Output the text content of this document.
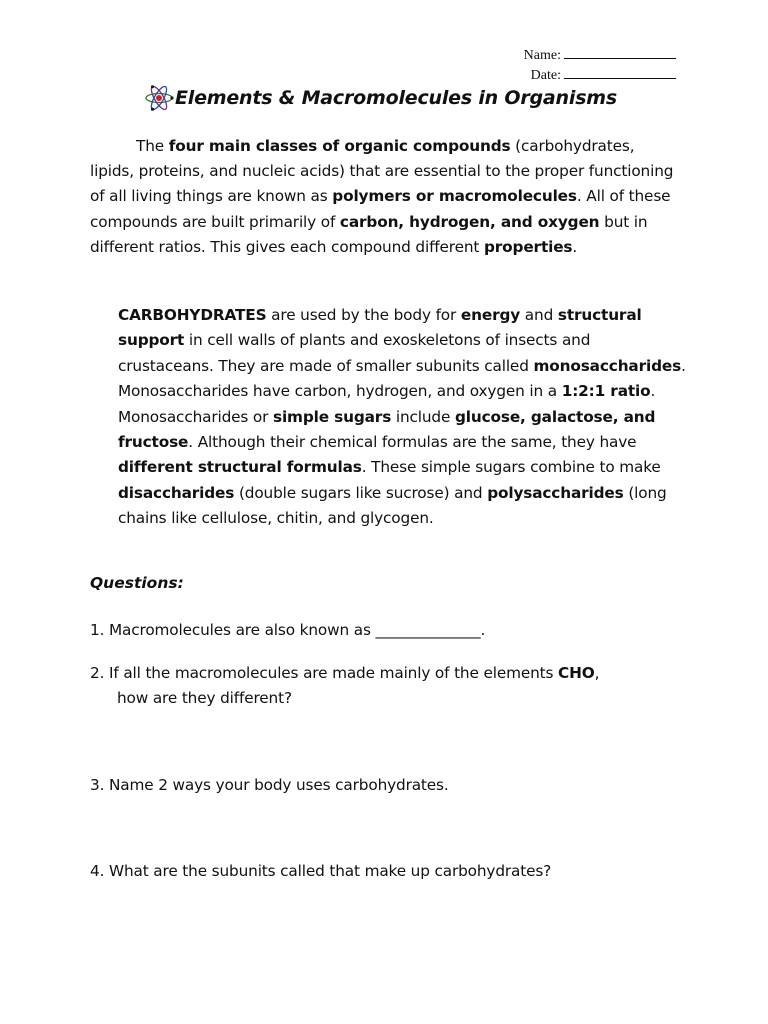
Name:
Date:
Elements & Macromolecules in Organisms

The four main classes of organic compounds (carbohydrates, lipids, proteins, and nucleic acids) that are essential to the proper functioning of all living things are known as polymers or macromolecules. All of these compounds are built primarily of carbon, hydrogen, and oxygen but in different ratios. This gives each compound different properties.

CARBOHYDRATES are used by the body for energy and structural support in cell walls of plants and exoskeletons of insects and crustaceans. They are made of smaller subunits called monosaccharides. Monosaccharides have carbon, hydrogen, and oxygen in a 1:2:1 ratio. Monosaccharides or simple sugars include glucose, galactose, and fructose. Although their chemical formulas are the same, they have different structural formulas. These simple sugars combine to make disaccharides (double sugars like sucrose) and polysaccharides (long chains like cellulose, chitin, and glycogen.

Questions:
1. Macromolecules are also known as ______________.
2. If all the macromolecules are made mainly of the elements CHO,
how are they different?
3. Name 2 ways your body uses carbohydrates.
4. What are the subunits called that make up carbohydrates?
